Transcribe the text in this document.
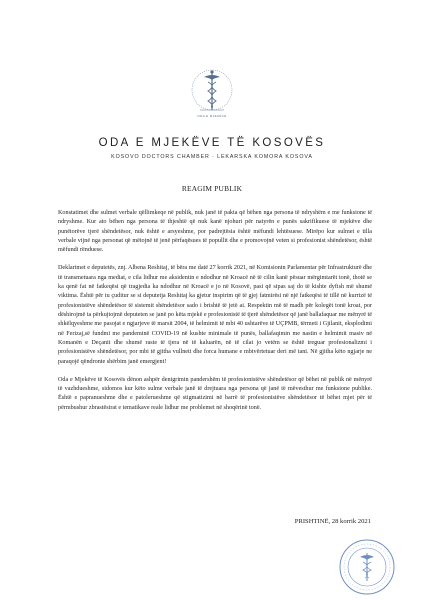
ODA E MJEKËVE
ODA E MJEKËVE TË KOSOVËS
KOSOVO DOCTORS CHAMBER · LEKARSKA KOMORA KOSOVA
REAGIM PUBLIK

Konstatimet dhe sulmet verbale qëllimkeqe në publik, nuk janë të pakta që bëhen nga persona të ndryshëm e me funksione të ndryshme. Kur ato bëhen nga persona të thjeshtë që nuk kanë njohuri për natyrën e punës sakrifikuese të mjekëve dhe punëtorëve tjerë shëndetësor, nuk është e arsyeshme, por padrejtësia është mëfundi lehtësuese. Mirëpo kur sulmet e tilla verbale vijnë nga personat që mëtojnë të jenë përfaqësues të popullit dhe e promovojnë veten si profesionist shëndetësor, është mëfundi rënduese.

Deklarimet e deputetës, znj. Albena Reshitaj, të bëra me datë 27 korrik 2021, në Komisionin Parlamentar për Infrastrukturë dhe të transmetuara nga mediat, e cila lidhur me aksidentin e ndodhur në Kroacë në të cilin kanë pësuar mërgimtarët tonë, thotë se ka qenë fat në fatkeqësi që tragjedia ka ndodhur në Kroacë e jo në Kosovë, pasi që sipas saj do të kishte dyfish më shumë viktima. Është për tu çuditur se si deputetja Reshitaj ka gjetur inspirim që të gjej fatmirësi në një fatkeqësi të tillë në kurrizë të profesionistëve shëndetësor të sistemit shëndetësor sado i brishtë të jetë ai. Respektin më të madh për kolegët tonë kroat, por dëshirojmë ta përkujtojmë deputeten se janë po këta mjekë e profesionistë të tjerë shëndetësor që janë ballafaquar me mënyrë të shkëlqyeshme me pasojat e ngjarjeve të marsit 2004, të helmimit të mbi 40 ushtarëve të UÇPMB, tërmeti i Gjilanit, eksplodimi në Ferizaj,së fundmi me pandeminë COVID-19 në kushte minimale të punës, ballafaqimin me nastin e helmimit masiv në Komanën e Deçanit dhe shumë raste të tjera në të kaluarën, në të cilat jo vetëm se është treguar profesionalizmi i profesionistëve shëndetësor, por mbi të gjitha vullneti dhe forca humane e mbivërtetuar deri më tani. Në gjitha këto ngjarje ne paraqojë qëndronte shërbim janë emergjent!

Oda e Mjekëve të Kosovës dënon ashpër denigrimin pandershëm të profesionistëve shëndetësor që bëhet në publik në mënyrë të vazhdueshme, sidomos kur këto sulme verbale janë të drejtuara nga persona që janë të mëvesthur me funksione publike. Është e papranueshme dhe e patolerueshme që stigmatizimi në barrë të profesionistëve shëndetësor të bëhet mjet për të përmbushur zbrastësirat e tematikave reale lidhur me problemet në shoqërinë tonë.

PRISHTINË, 28 korrik 2021
